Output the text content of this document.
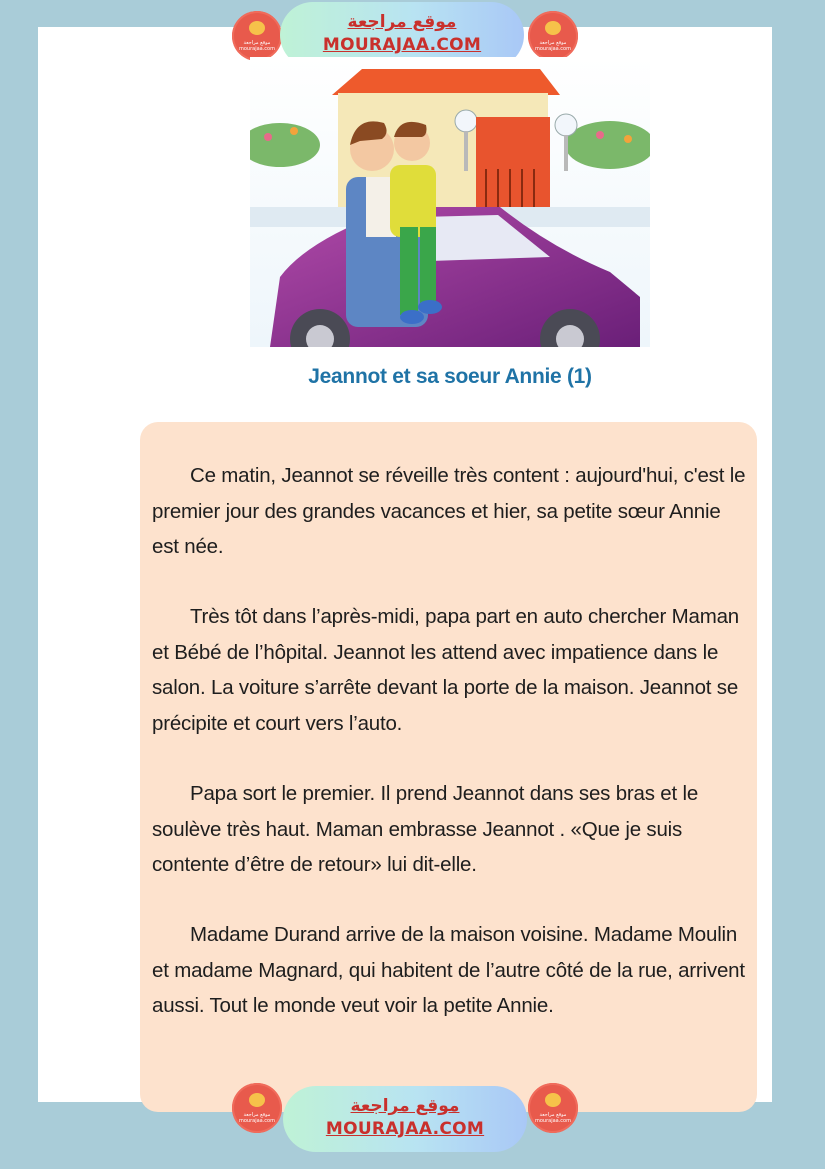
موقع مراجعة
mourajaa.com
موقع مراجعة
MOURAJAA.COM	موقع مراجعة
mourajaa.com
Jeannot et sa soeur Annie (1)

Ce matin, Jeannot se réveille très content : aujourd'hui, c'est le premier jour des grandes vacances et hier, sa petite sœur Annie est née.

Très tôt dans l’après-midi, papa part en auto chercher Maman et Bébé de l’hôpital. Jeannot les attend avec impatience dans le salon. La voiture s’arrête devant la porte de la maison. Jeannot se précipite et court vers l’auto.

Papa sort le premier. Il prend Jeannot dans ses bras et le soulève très haut. Maman embrasse Jeannot . «Que je suis contente d’être de retour» lui dit-elle.

Madame Durand arrive de la maison voisine. Madame Moulin et madame Magnard, qui habitent de l’autre côté de la rue, arrivent aussi. Tout le monde veut voir la petite Annie.

موقع مراجعة
mourajaa.com
موقع مراجعة
MOURAJAA.COM
موقع مراجعة
mourajaa.com
